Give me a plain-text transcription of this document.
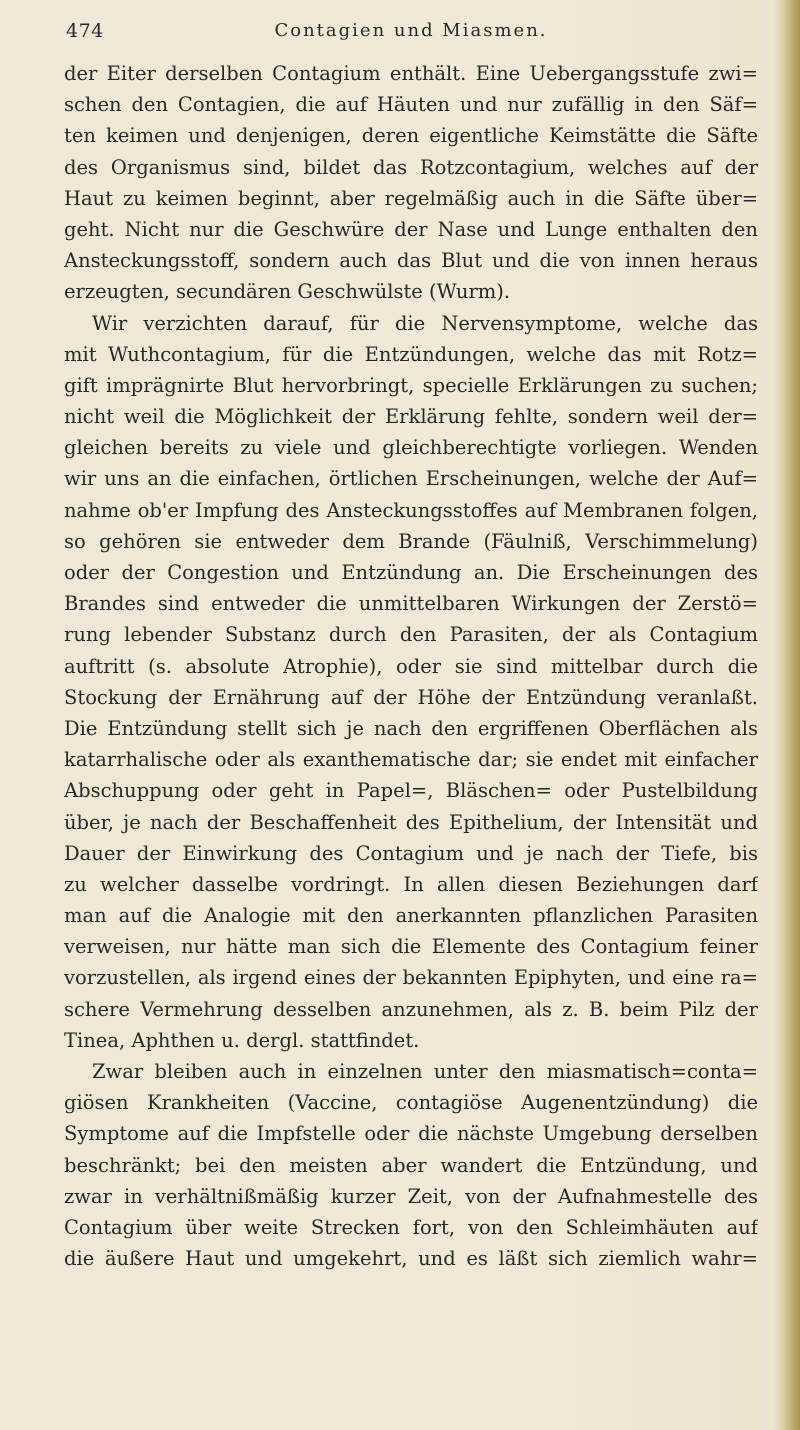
474	Contagien und Miasmen.
der Eiter derselben Contagium enthält. Eine Uebergangsstufe zwi=
schen den Contagien, die auf Häuten und nur zufällig in den Säf=
ten keimen und denjenigen, deren eigentliche Keimstätte die Säfte
des Organismus sind, bildet das Rotzcontagium, welches auf der
Haut zu keimen beginnt, aber regelmäßig auch in die Säfte über=
geht. Nicht nur die Geschwüre der Nase und Lunge enthalten den
Ansteckungsstoff, sondern auch das Blut und die von innen heraus
erzeugten, secundären Geschwülste (Wurm).
Wir verzichten darauf, für die Nervensymptome, welche das
mit Wuthcontagium, für die Entzündungen, welche das mit Rotz=
gift imprägnirte Blut hervorbringt, specielle Erklärungen zu suchen;
nicht weil die Möglichkeit der Erklärung fehlte, sondern weil der=
gleichen bereits zu viele und gleichberechtigte vorliegen. Wenden
wir uns an die einfachen, örtlichen Erscheinungen, welche der Auf=
nahme ob'er Impfung des Ansteckungsstoffes auf Membranen folgen,
so gehören sie entweder dem Brande (Fäulniß, Verschimmelung)
oder der Congestion und Entzündung an. Die Erscheinungen des
Brandes sind entweder die unmittelbaren Wirkungen der Zerstö=
rung lebender Substanz durch den Parasiten, der als Contagium
auftritt (s. absolute Atrophie), oder sie sind mittelbar durch die
Stockung der Ernährung auf der Höhe der Entzündung veranlaßt.
Die Entzündung stellt sich je nach den ergriffenen Oberflächen als
katarrhalische oder als exanthematische dar; sie endet mit einfacher
Abschuppung oder geht in Papel=, Bläschen= oder Pustelbildung
über, je nach der Beschaffenheit des Epithelium, der Intensität und
Dauer der Einwirkung des Contagium und je nach der Tiefe, bis
zu welcher dasselbe vordringt. In allen diesen Beziehungen darf
man auf die Analogie mit den anerkannten pflanzlichen Parasiten
verweisen, nur hätte man sich die Elemente des Contagium feiner
vorzustellen, als irgend eines der bekannten Epiphyten, und eine ra=
schere Vermehrung desselben anzunehmen, als z. B. beim Pilz der
Tinea, Aphthen u. dergl. stattfindet.
Zwar bleiben auch in einzelnen unter den miasmatisch=conta=
giösen Krankheiten (Vaccine, contagiöse Augenentzündung) die
Symptome auf die Impfstelle oder die nächste Umgebung derselben
beschränkt; bei den meisten aber wandert die Entzündung, und
zwar in verhältnißmäßig kurzer Zeit, von der Aufnahmestelle des
Contagium über weite Strecken fort, von den Schleimhäuten auf
die äußere Haut und umgekehrt, und es läßt sich ziemlich wahr=
